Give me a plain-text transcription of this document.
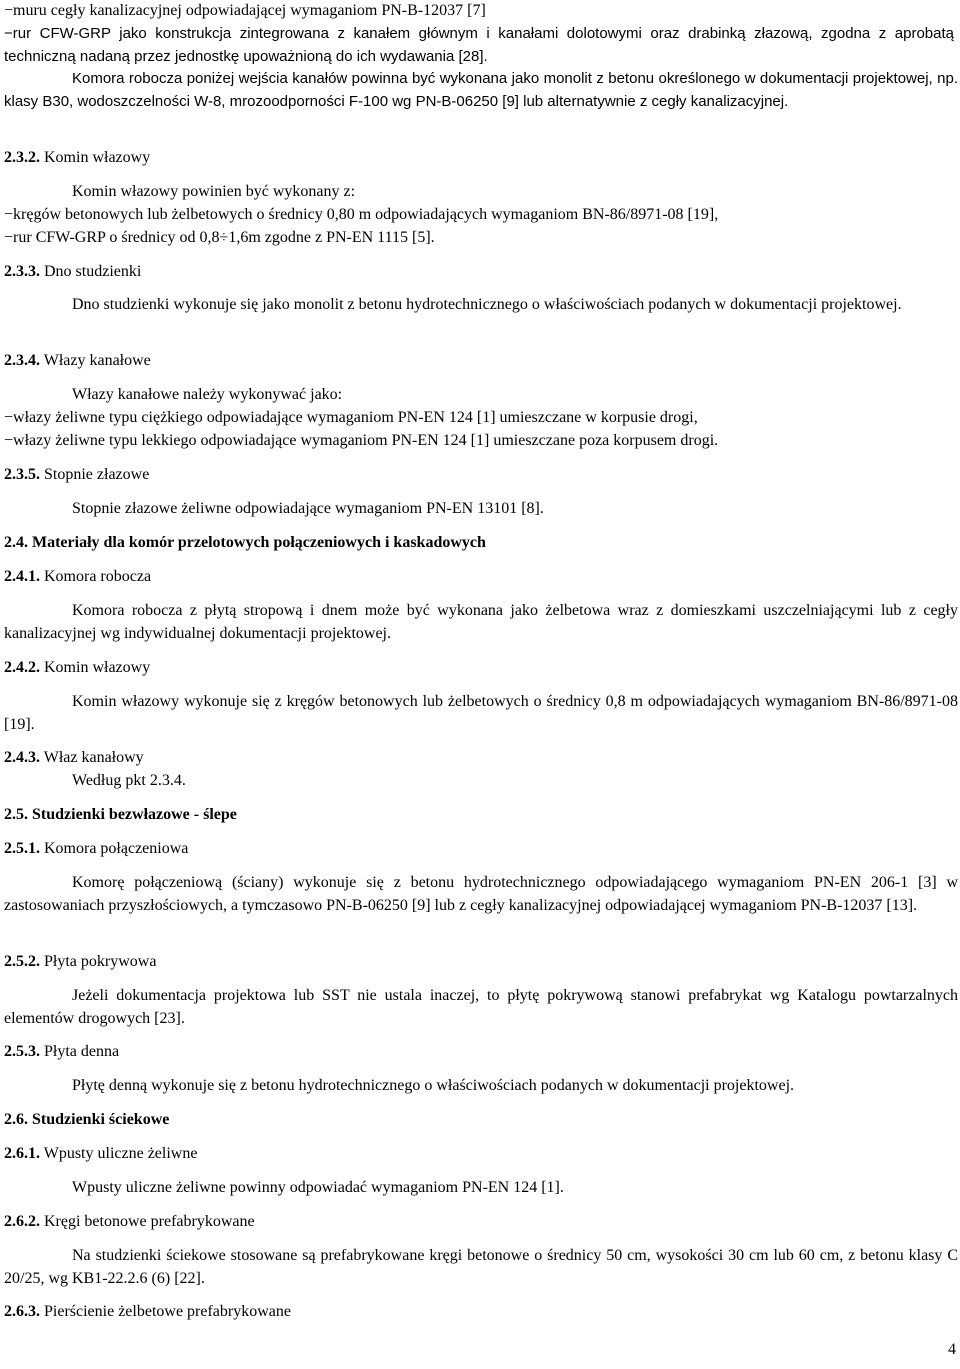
− muru cegły kanalizacyjnej odpowiadającej wymaganiom PN-B-12037 [7]
− rur CFW-GRP jako konstrukcja zintegrowana z kanałem głównym i kanałami dolotowymi oraz drabinką złazową, zgodna z aprobatą techniczną nadaną przez jednostkę upoważnioną do ich wydawania [28].
Komora robocza poniżej wejścia kanałów powinna być wykonana jako monolit z betonu określonego w dokumentacji projektowej, np. klasy B30, wodoszczelności W-8, mrozoodporności F-100 wg PN-B-06250 [9] lub alternatywnie z cegły kanalizacyjnej.
2.3.2. Komin włazowy
Komin włazowy powinien być wykonany z:
− kręgów betonowych lub żelbetowych o średnicy 0,80 m odpowiadających wymaganiom BN-86/8971-08 [19],
− rur CFW-GRP o średnicy od 0,8÷1,6m zgodne z PN-EN 1115 [5].
2.3.3. Dno studzienki
Dno studzienki wykonuje się jako monolit z betonu hydrotechnicznego o właściwościach podanych w dokumentacji projektowej.
2.3.4. Włazy kanałowe
Włazy kanałowe należy wykonywać jako:
− włazy żeliwne typu ciężkiego odpowiadające wymaganiom PN-EN 124 [1] umieszczane w korpusie drogi,
− włazy żeliwne typu lekkiego odpowiadające wymaganiom PN-EN 124 [1] umieszczane poza korpusem drogi.
2.3.5. Stopnie złazowe
Stopnie złazowe żeliwne odpowiadające wymaganiom PN-EN 13101 [8].
2.4. Materiały dla komór przelotowych połączeniowych i kaskadowych
2.4.1. Komora robocza
Komora robocza z płytą stropową i dnem może być wykonana jako żelbetowa wraz z domieszkami uszczelniającymi lub z cegły kanalizacyjnej wg indywidualnej dokumentacji projektowej.
2.4.2. Komin włazowy
Komin włazowy wykonuje się z kręgów betonowych lub żelbetowych o średnicy 0,8 m odpowiadających wymaganiom BN-86/8971-08 [19].
2.4.3. Właz kanałowy
Według pkt 2.3.4.
2.5. Studzienki bezwłazowe - ślepe
2.5.1. Komora połączeniowa
Komorę połączeniową (ściany) wykonuje się z betonu hydrotechnicznego odpowiadającego wymaganiom PN-EN 206-1 [3] w zastosowaniach przyszłościowych, a tymczasowo PN-B-06250 [9] lub z cegły kanalizacyjnej odpowiadającej wymaganiom PN-B-12037 [13].
2.5.2. Płyta pokrywowa
Jeżeli dokumentacja projektowa lub SST nie ustala inaczej, to płytę pokrywową stanowi prefabrykat wg Katalogu powtarzalnych elementów drogowych [23].
2.5.3. Płyta denna
Płytę denną wykonuje się z betonu hydrotechnicznego o właściwościach podanych w dokumentacji projektowej.
2.6. Studzienki ściekowe
2.6.1. Wpusty uliczne żeliwne
Wpusty uliczne żeliwne powinny odpowiadać wymaganiom PN-EN 124 [1].
2.6.2. Kręgi betonowe prefabrykowane
Na studzienki ściekowe stosowane są prefabrykowane kręgi betonowe o średnicy 50 cm, wysokości 30 cm lub 60 cm, z betonu klasy C 20/25, wg KB1-22.2.6 (6) [22].
2.6.3. Pierścienie żelbetowe prefabrykowane
4
